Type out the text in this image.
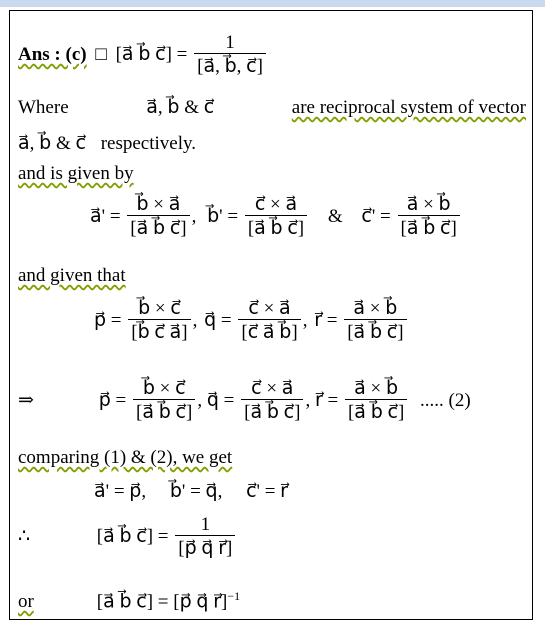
Ans : (c) □ [a⃗ b⃗ c⃗] = $\frac{1}{[a⃗, b⃗, c⃗]}$
Where	a⃗, b⃗ & c⃗	are reciprocal system of vector
a⃗, b⃗ & c⃗ respectively.
and is given by
a⃗' = $\frac{b⃗ \times a⃗}{[a⃗ b⃗ c⃗]}$ , b⃗' = $\frac{c⃗ \times a⃗}{[a⃗ b⃗ c⃗]}$ & c⃗' = $\frac{a⃗ \times b⃗}{[a⃗ b⃗ c⃗]}$
and given that
p⃗ = $\frac{b⃗ \times c⃗}{[b⃗ c⃗ a⃗]}$ , q⃗ = $\frac{c⃗ \times a⃗}{[c⃗ a⃗ b⃗]}$ , r⃗ = $\frac{a⃗ \times b⃗}{[a⃗ b⃗ c⃗]}$
⇒	p⃗ = $\frac{b⃗ \times c⃗}{[a⃗ b⃗ c⃗]}$ , q⃗ = $\frac{c⃗ \times a⃗}{[a⃗ b⃗ c⃗]}$ , r⃗ = $\frac{a⃗ \times b⃗}{[a⃗ b⃗ c⃗]}$ ..... (2)
comparing (1) & (2), we get
a⃗' = p⃗,     b⃗' = q⃗,     c⃗' = r⃗
∴	[a⃗ b⃗ c⃗] = $\frac{1}{[p⃗ q⃗ r⃗]}$
or	[a⃗ b⃗ c⃗] = [p⃗ q⃗ r⃗]$^{-1}$
